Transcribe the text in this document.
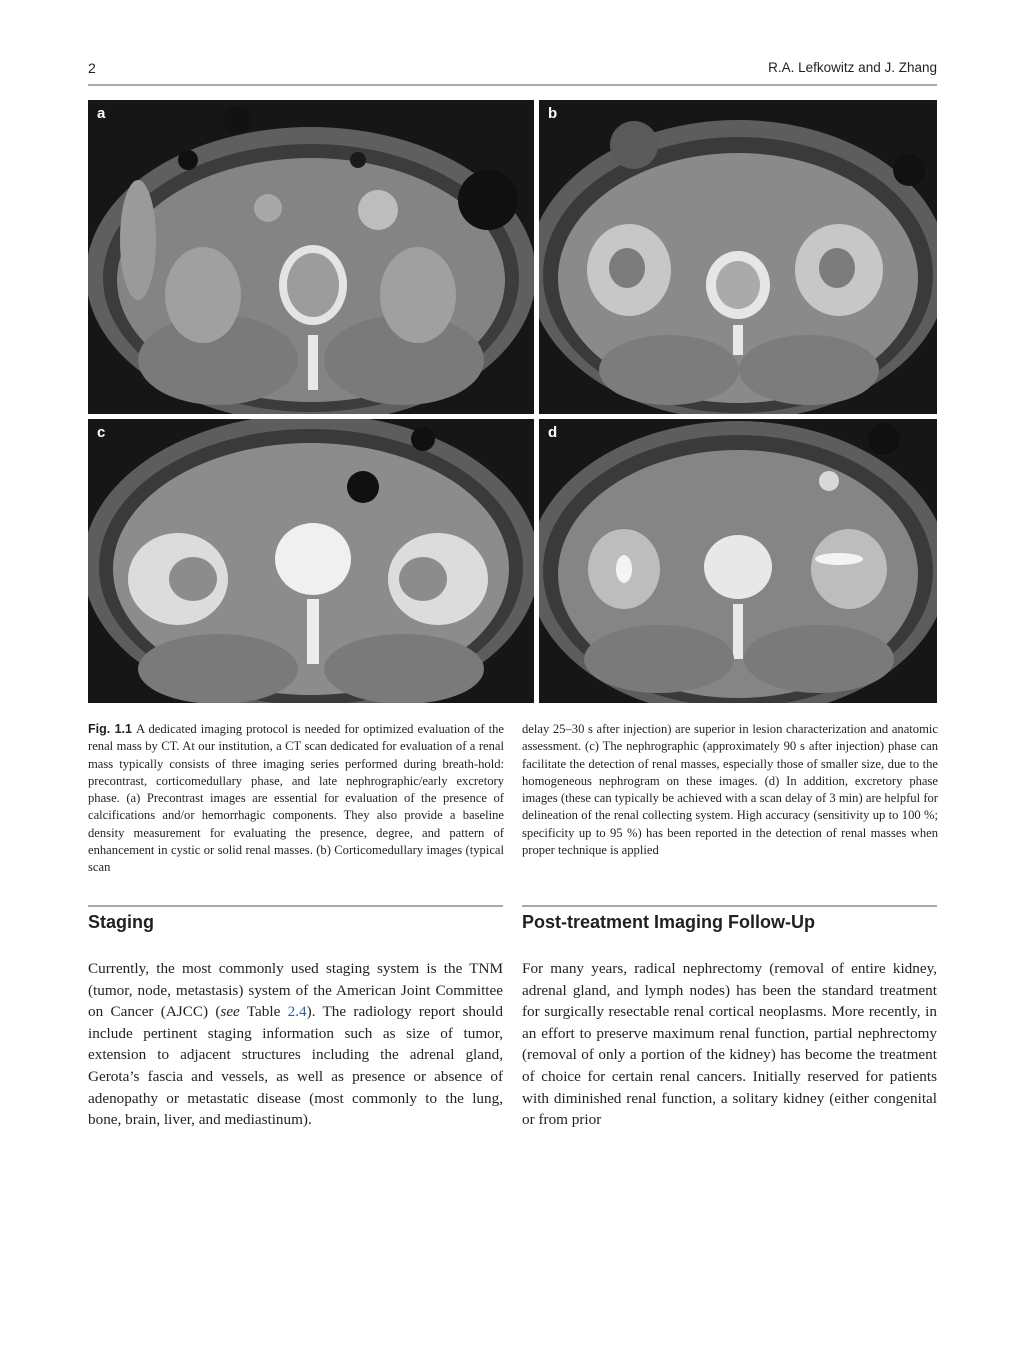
2	R.A. Lefkowitz and J. Zhang
a	b
c	d
Fig. 1.1 A dedicated imaging protocol is needed for optimized evaluation of the renal mass by CT. At our institution, a CT scan dedicated for evaluation of a renal mass typically consists of three imaging series performed during breath-hold: precontrast, corticomedullary phase, and late nephrographic/early excretory phase. (a) Precontrast images are essential for evaluation of the presence of calcifications and/or hemorrhagic components. They also provide a baseline density measurement for evaluating the presence, degree, and pattern of enhancement in cystic or solid renal masses. (b) Corticomedullary images (typical scan
delay 25–30 s after injection) are superior in lesion characterization and anatomic assessment. (c) The nephrographic (approximately 90 s after injection) phase can facilitate the detection of renal masses, especially those of smaller size, due to the homogeneous nephrogram on these images. (d) In addition, excretory phase images (these can typically be achieved with a scan delay of 3 min) are helpful for delineation of the renal collecting system. High accuracy (sensitivity up to 100 %; specificity up to 95 %) has been reported in the detection of renal masses when proper technique is applied
Staging
Currently, the most commonly used staging system is the TNM (tumor, node, metastasis) system of the American Joint Committee on Cancer (AJCC) (see Table 2.4). The radiology report should include pertinent staging information such as size of tumor, extension to adjacent structures including the adrenal gland, Gerota’s fascia and vessels, as well as presence or absence of adenopathy or metastatic disease (most commonly to the lung, bone, brain, liver, and mediastinum).
Post-treatment Imaging Follow-Up
For many years, radical nephrectomy (removal of entire kidney, adrenal gland, and lymph nodes) has been the standard treatment for surgically resectable renal cortical neoplasms. More recently, in an effort to preserve maximum renal function, partial nephrectomy (removal of only a portion of the kidney) has become the treatment of choice for certain renal cancers. Initially reserved for patients with diminished renal function, a solitary kidney (either congenital or from prior
